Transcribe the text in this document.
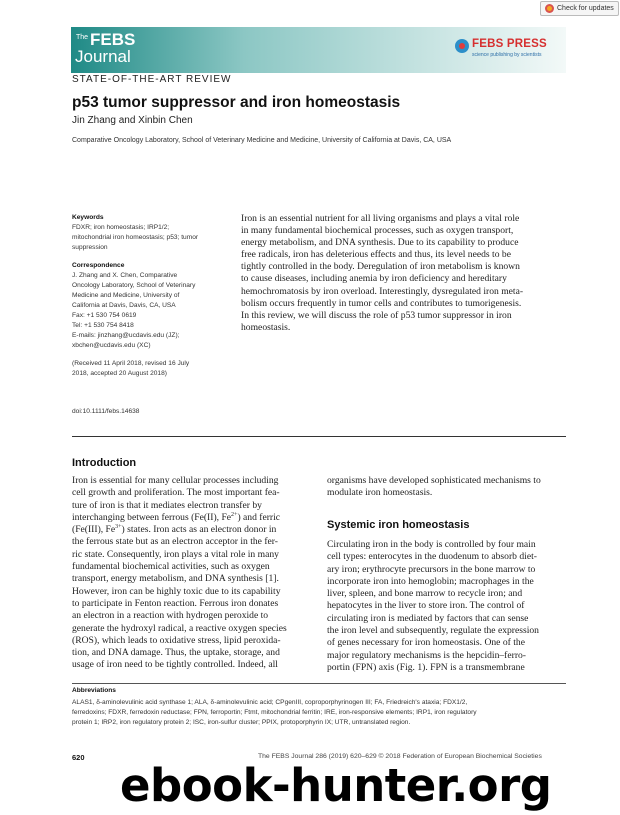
Check for updates
The FEBS
Journal
FEBS PRESS
science publishing by scientists
STATE-OF-THE-ART REVIEW
p53 tumor suppressor and iron homeostasis
Jin Zhang and Xinbin Chen
Comparative Oncology Laboratory, School of Veterinary Medicine and Medicine, University of California at Davis, CA, USA
Keywords
FDXR; iron homeostasis; IRP1/2;
mitochondrial iron homeostasis; p53; tumor
suppression
Correspondence
J. Zhang and X. Chen, Comparative
Oncology Laboratory, School of Veterinary
Medicine and Medicine, University of
California at Davis, Davis, CA, USA
Fax: +1 530 754 0619
Tel: +1 530 754 8418
E-mails: jinzhang@ucdavis.edu (JZ);
xbchen@ucdavis.edu (XC)
(Received 11 April 2018, revised 16 July
2018, accepted 20 August 2018)
doi:10.1111/febs.14638
Iron is an essential nutrient for all living organisms and plays a vital role
in many fundamental biochemical processes, such as oxygen transport,
energy metabolism, and DNA synthesis. Due to its capability to produce
free radicals, iron has deleterious effects and thus, its level needs to be
tightly controlled in the body. Deregulation of iron metabolism is known
to cause diseases, including anemia by iron deficiency and hereditary
hemochromatosis by iron overload. Interestingly, dysregulated iron meta-
bolism occurs frequently in tumor cells and contributes to tumorigenesis.
In this review, we will discuss the role of p53 tumor suppressor in iron
homeostasis.
Introduction
Iron is essential for many cellular processes including
cell growth and proliferation. The most important fea-
ture of iron is that it mediates electron transfer by
interchanging between ferrous (Fe(II), $Fe^{2+}$) and ferric
(Fe(III), $Fe^{3+}$) states. Iron acts as an electron donor in
the ferrous state but as an electron acceptor in the fer-
ric state. Consequently, iron plays a vital role in many
fundamental biochemical activities, such as oxygen
transport, energy metabolism, and DNA synthesis [1].
However, iron can be highly toxic due to its capability
to participate in Fenton reaction. Ferrous iron donates
an electron in a reaction with hydrogen peroxide to
generate the hydroxyl radical, a reactive oxygen species
(ROS), which leads to oxidative stress, lipid peroxida-
tion, and DNA damage. Thus, the uptake, storage, and
usage of iron need to be tightly controlled. Indeed, all
organisms have developed sophisticated mechanisms to
modulate iron homeostasis.
Systemic iron homeostasis
Circulating iron in the body is controlled by four main
cell types: enterocytes in the duodenum to absorb diet-
ary iron; erythrocyte precursors in the bone marrow to
incorporate iron into hemoglobin; macrophages in the
liver, spleen, and bone marrow to recycle iron; and
hepatocytes in the liver to store iron. The control of
circulating iron is mediated by factors that can sense
the iron level and subsequently, regulate the expression
of genes necessary for iron homeostasis. One of the
major regulatory mechanisms is the hepcidin–ferro-
portin (FPN) axis (Fig. 1). FPN is a transmembrane
Abbreviations
ALAS1, δ-aminolevulinic acid synthase 1; ALA, δ-aminolevulinic acid; CPgenIII, coproporphyrinogen III; FA, Friedreich's ataxia; FDX1/2,
ferredoxins; FDXR, ferredoxin reductase; FPN, ferroportin; Ftmt, mitochondrial ferritin; IRE, iron-responsive elements; IRP1, iron regulatory
protein 1; IRP2, iron regulatory protein 2; ISC, iron-sulfur cluster; PPIX, protoporphyrin IX; UTR, untranslated region.
620	The FEBS Journal 286 (2019) 620–629 © 2018 Federation of European Biochemical Societies
ebook-hunter.org
